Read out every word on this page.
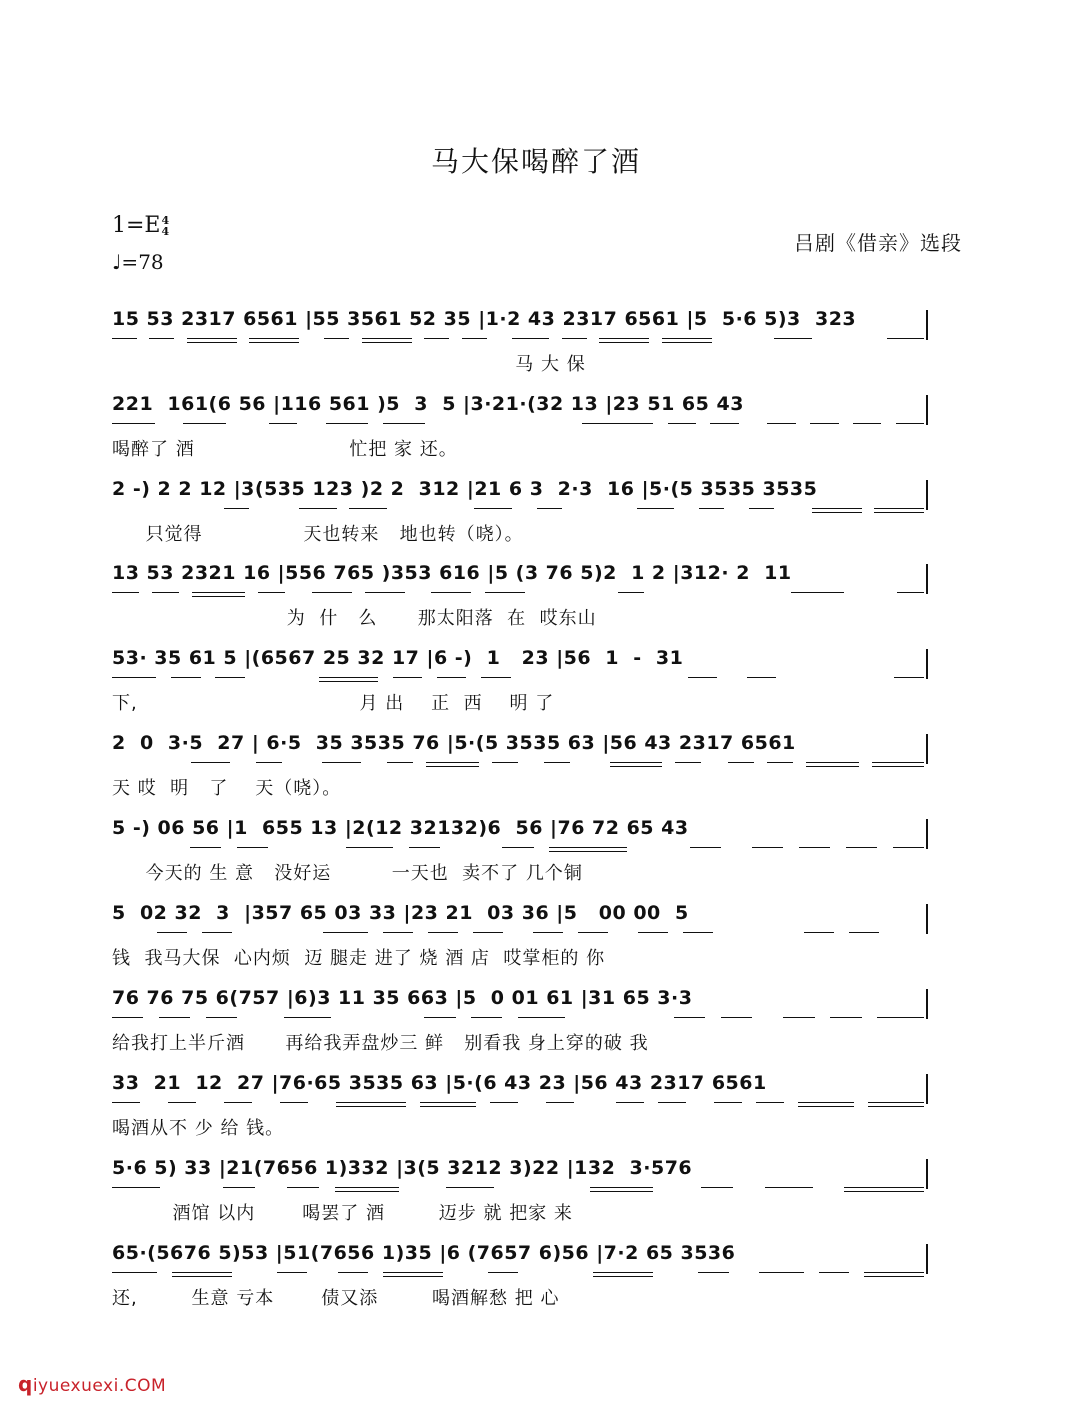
马大保喝醉了酒
1=E 4
4
♩=78
吕剧《借亲》选段
15 53 2317 6561 |55 3561 52 35 |1·2 43 2317 6561 |5  5·6 5)3  323
马 大 保
221  161(6 56 |116 561 )5  3  5 |3·21·(32 13 |23 51 65 43
喝醉了 酒                       忙把 家 还。
2 -) 2 2 12 |3(535 123 )2 2  312 |21 6 3  2·3  16 |5·(5 3535 3535
只觉得               天也转来   地也转（哓）。
13 53 2321 16 |556 765 )353 616 |5 (3 76 5)2  1 2 |312· 2  11
为  什   么      那太阳落  在  哎东山
53· 35 61 5 |(6567 25 32 17 |6 -)  1   23 |56  1  -  31
下,                                 月 出    正  西    明 了
2  0  3·5  27 | 6·5  35 3535 76 |5·(5 3535 63 |56 43 2317 6561
天 哎  明   了    天（哓）。
5 -) 06 56 |1  655 13 |2(12 32132)6  56 |76 72 65 43
今天的 生 意   没好运         一天也  卖不了 几个铜
5  02 32  3  |357 65 03 33 |23 21  03 36 |5   00 00  5
钱  我马大保  心内烦  迈 腿走 进了 烧 酒 店  哎掌柜的 你
76 76 75 6(757 |6)3 11 35 663 |5  0 01 61 |31 65 3·3
给我打上半斤酒      再给我弄盘炒三 鲜   别看我 身上穿的破 我
33  21  12  27 |76·65 3535 63 |5·(6 43 23 |56 43 2317 6561
喝酒从不 少 给 钱。
5·6 5) 33 |21(7656 1)332 |3(5 3212 3)22 |132  3·576
酒馆 以内       喝罢了 酒        迈步 就 把家 来
65·(5676 5)53 |51(7656 1)35 |6 (7657 6)56 |7·2 65 3536
还,        生意 亏本       债又添        喝酒解愁 把 心
qiyuexuexi.COM
